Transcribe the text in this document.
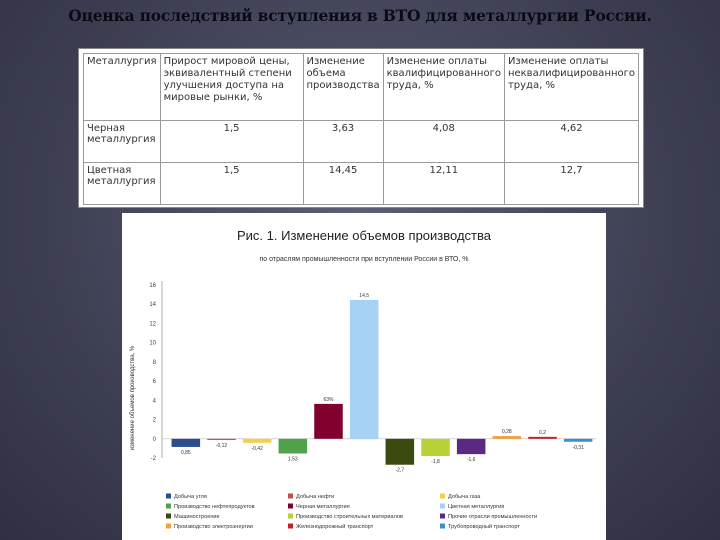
Оценка последствий вступления в ВТО для металлургии России.
Металлургия	Прирост мировой цены, эквивалентный степени улучшения доступа на мировые рынки, %	Изменение объема производства	Изменение оплаты квалифицированного труда, %	Изменение оплаты неквалифицированного труда, %
Черная металлургия	1,5	3,63	4,08	4,62
Цветная металлургия	1,5	14,45	12,11	12,7
Рис. 1. Изменение объемов производства
по отраслям промышленности при вступлении России в ВТО, %
изменение объемов производства, %
-2
0
2
4
6
8
10
12
14
16
0,85
-0,12	-0,42
1,53
63%
14,5
-2,7
-1,8	-1,6
0,28	0,2
-0,31
Добыча угля	Добыча нефти	Добыча газа
Производство нефтепродуктов	Черная металлургия	Цветная металлургия
Машиностроение	Производство строительных материалов	Прочие отрасли промышленности
Производство электроэнергии	Железнодорожный транспорт	Трубопроводный транспорт
